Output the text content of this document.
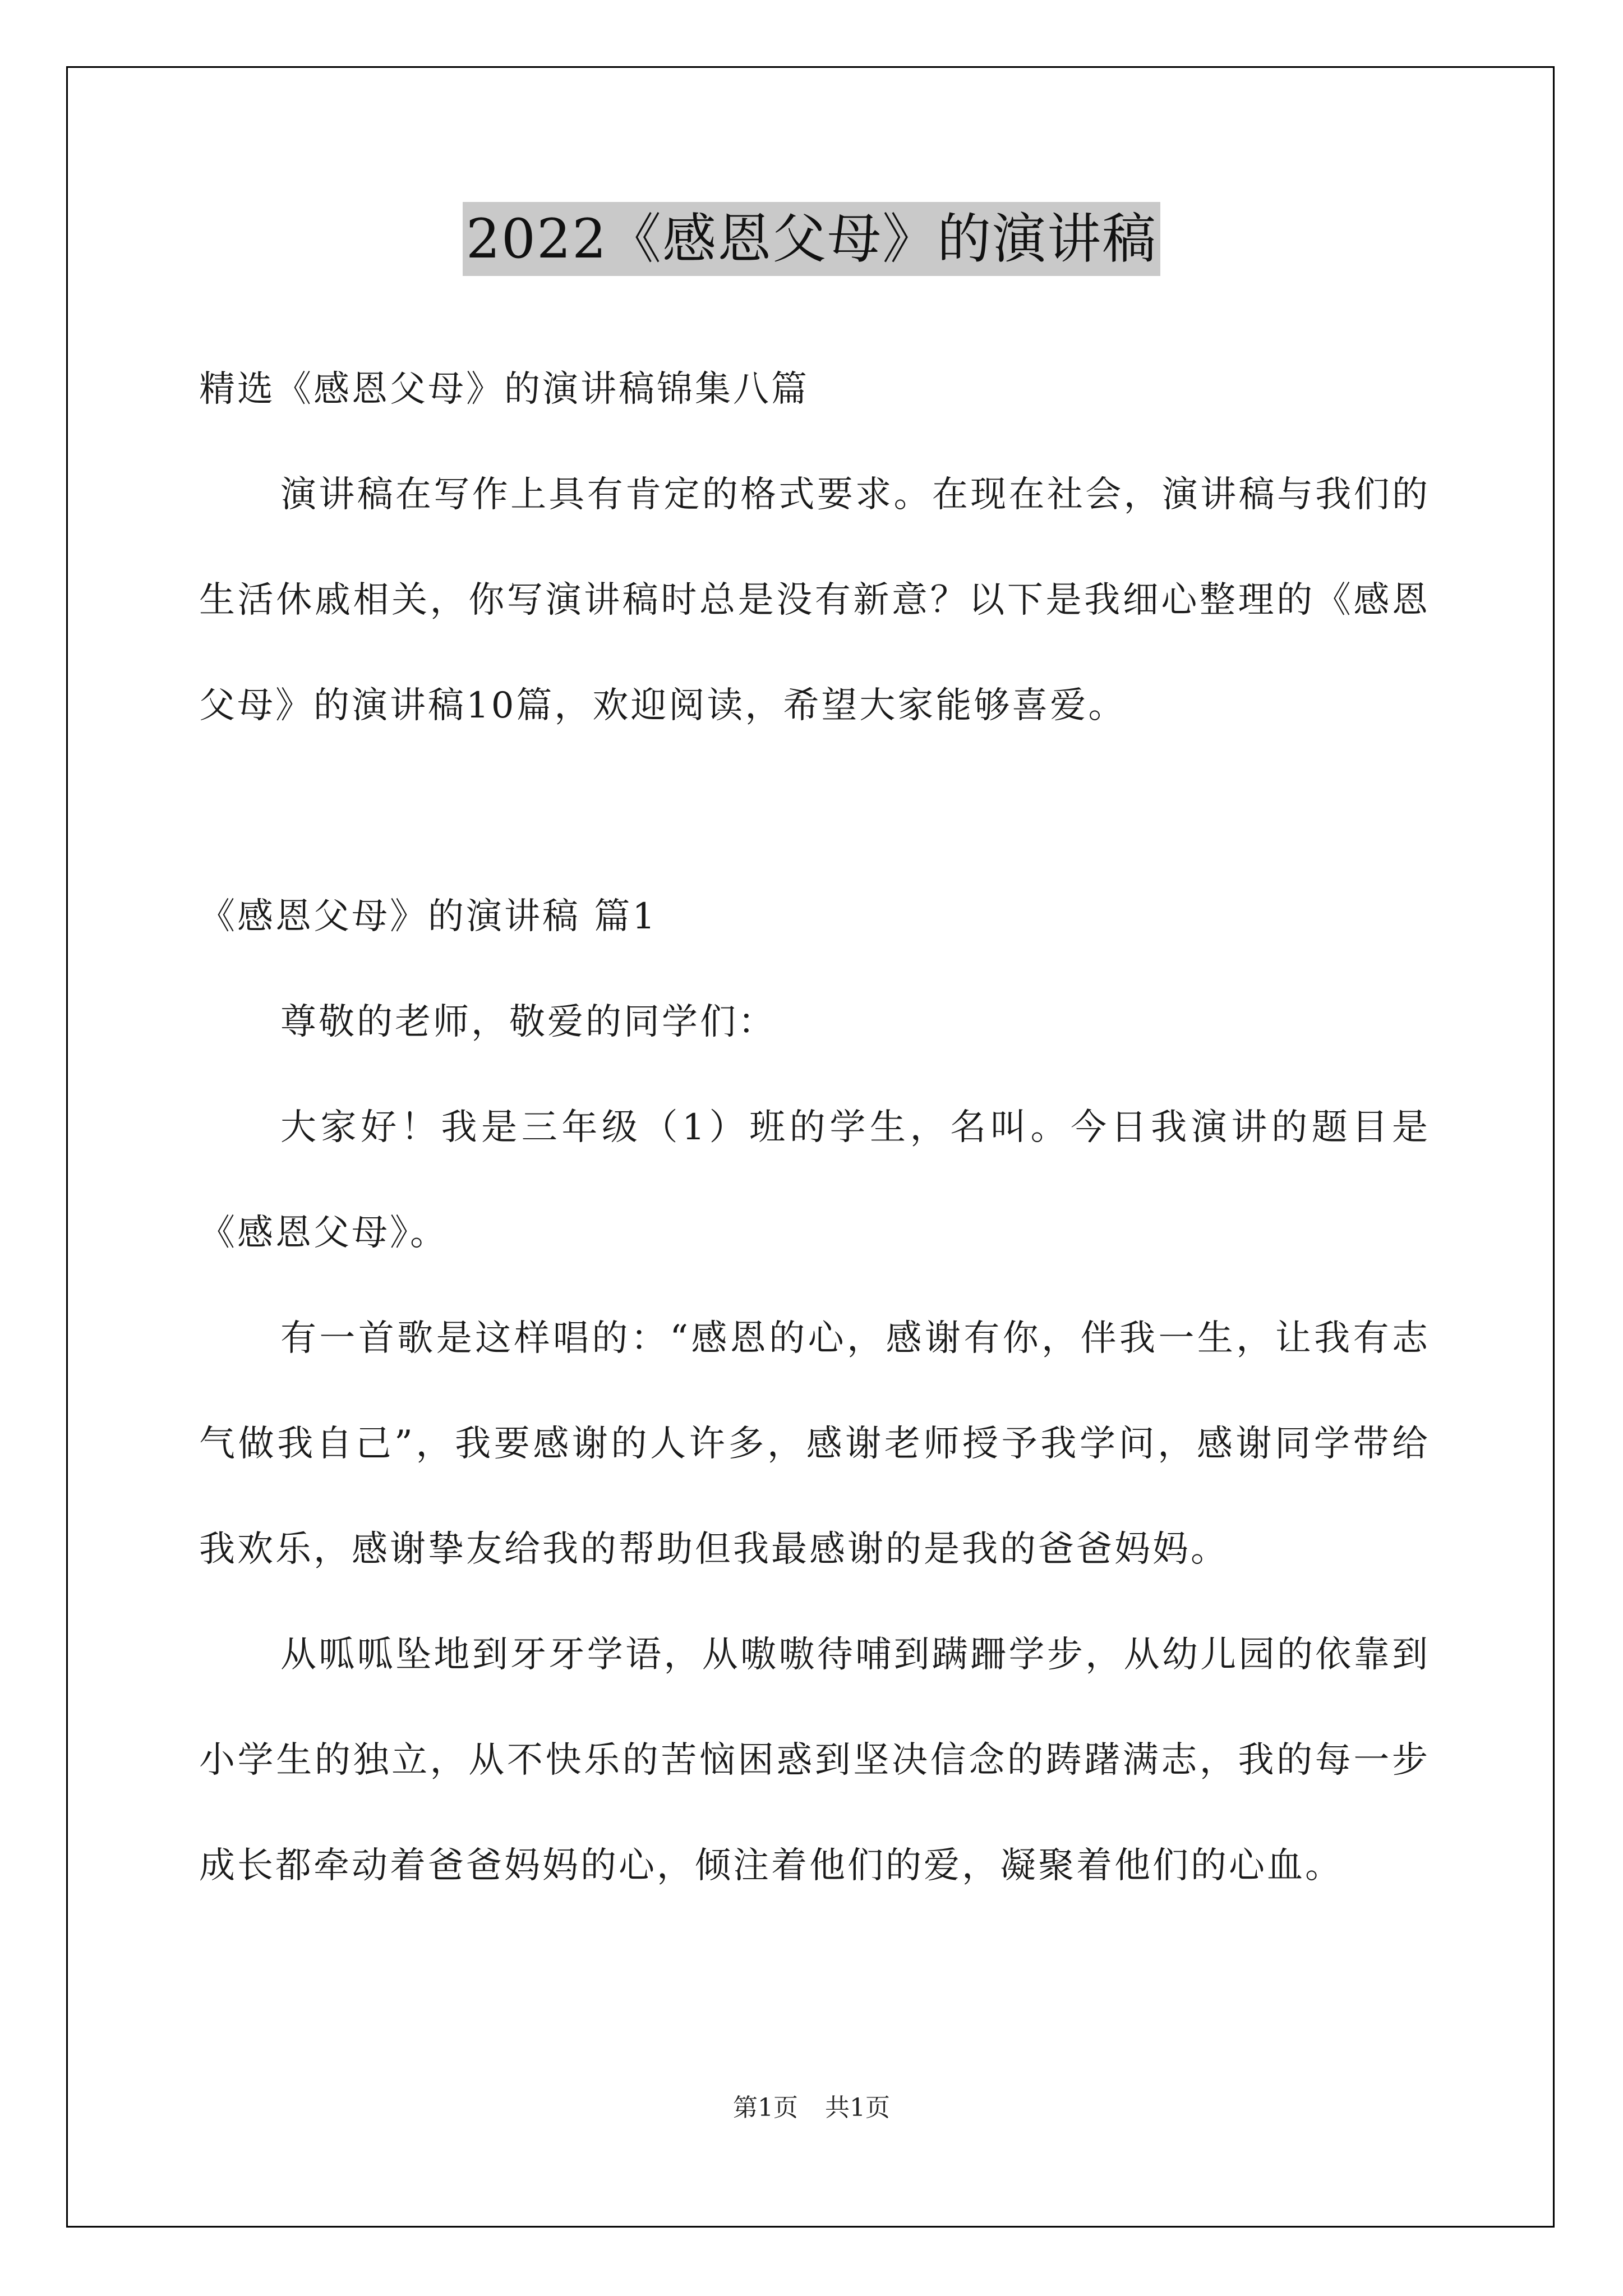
2022《感恩父母》的演讲稿

精选《感恩父母》的演讲稿锦集八篇

演讲稿在写作上具有肯定的格式要求。在现在社会，演讲稿与我们的生活休戚相关，你写演讲稿时总是没有新意？以下是我细心整理的《感恩父母》的演讲稿10篇，欢迎阅读，希望大家能够喜爱。

《感恩父母》的演讲稿 篇1

尊敬的老师，敬爱的同学们：

大家好！我是三年级（1）班的学生，名叫。今日我演讲的题目是《感恩父母》。

有一首歌是这样唱的：“感恩的心，感谢有你，伴我一生，让我有志气做我自己”，我要感谢的人许多，感谢老师授予我学问，感谢同学带给我欢乐，感谢挚友给我的帮助但我最感谢的是我的爸爸妈妈。

从呱呱坠地到牙牙学语，从嗷嗷待哺到蹒跚学步，从幼儿园的依靠到小学生的独立，从不快乐的苦恼困惑到坚决信念的踌躇满志，我的每一步成长都牵动着爸爸妈妈的心，倾注着他们的爱，凝聚着他们的心血。

第1页 共1页
